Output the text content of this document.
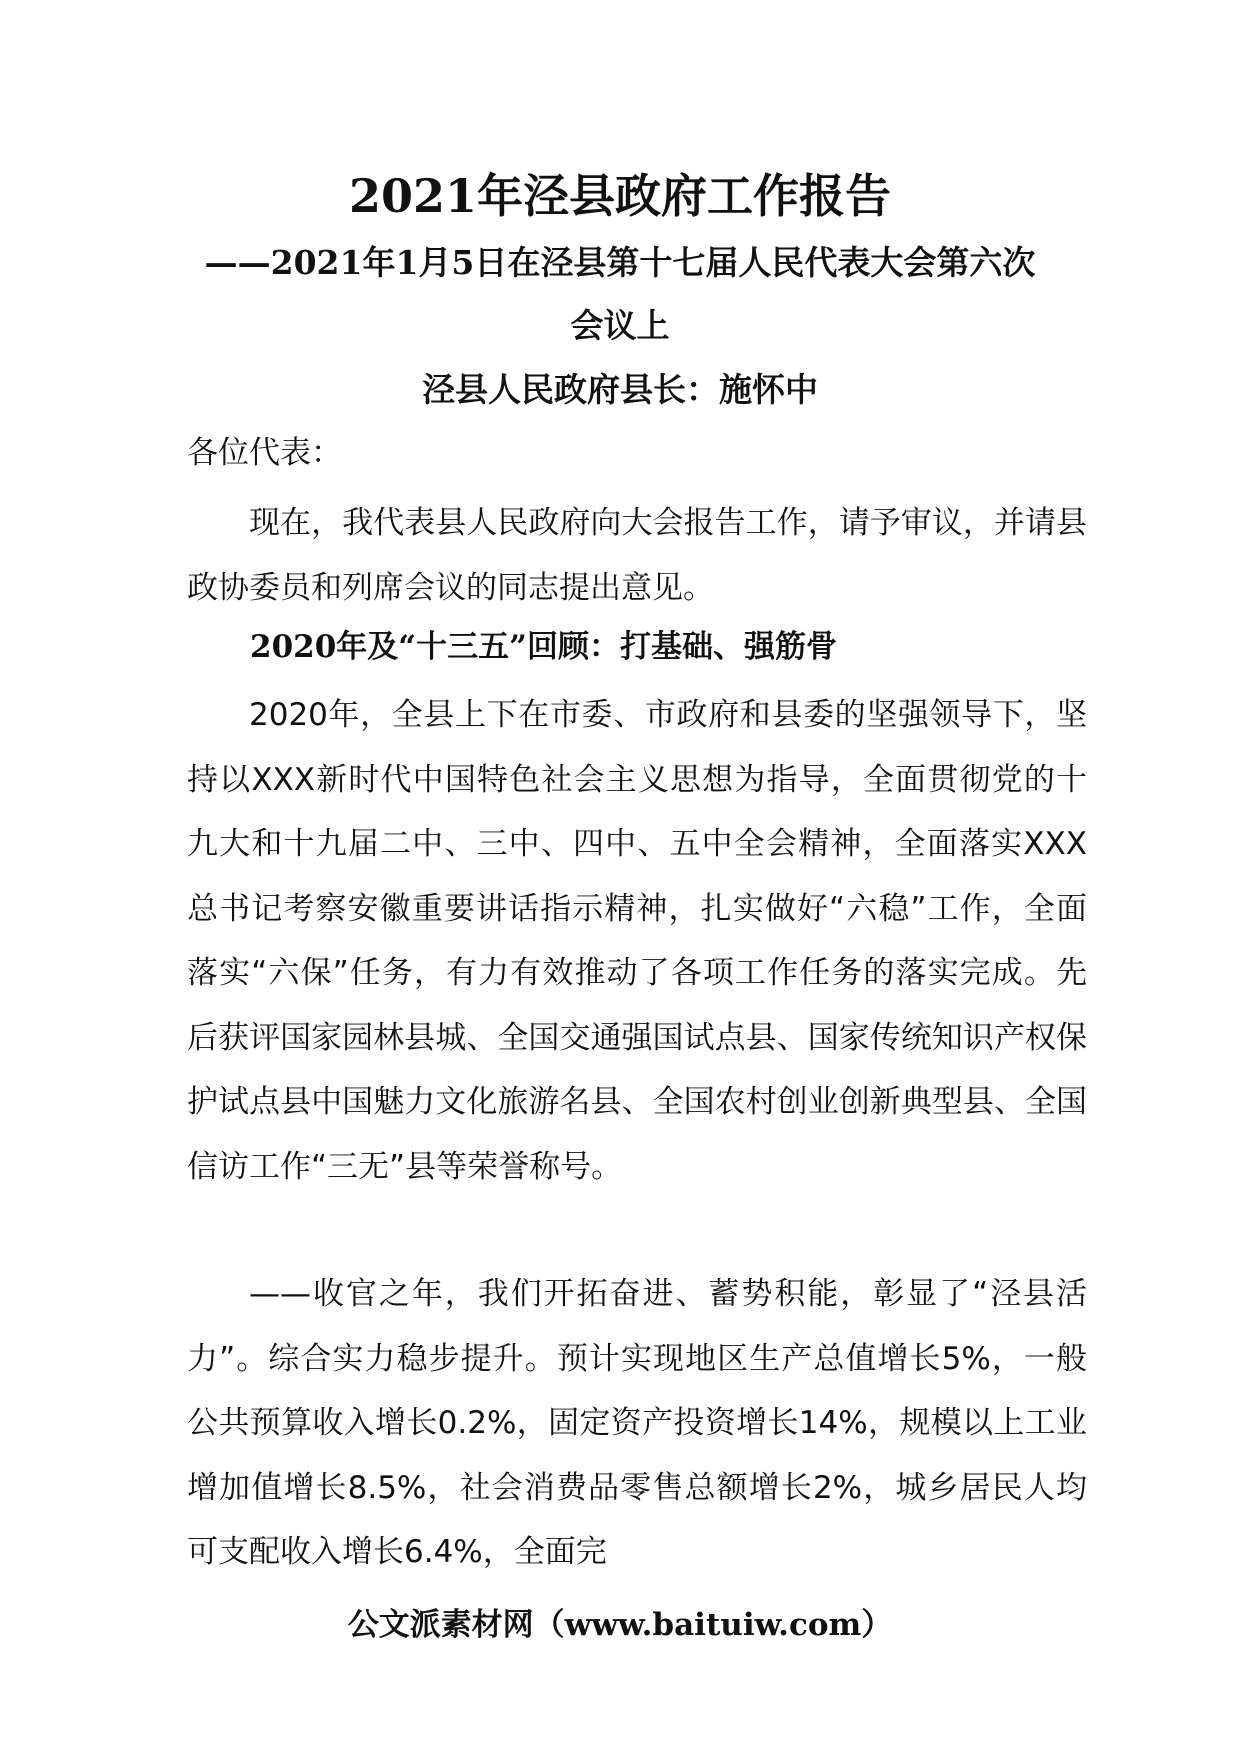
2021年泾县政府工作报告
——2021年1月5日在泾县第十七届人民代表大会第六次
会议上
泾县人民政府县长：施怀中
各位代表：

现在，我代表县人民政府向大会报告工作，请予审议，并请县政协委员和列席会议的同志提出意见。

2020年及“十三五”回顾：打基础、强筋骨

2020年，全县上下在市委、市政府和县委的坚强领导下，坚持以XXX新时代中国特色社会主义思想为指导，全面贯彻党的十九大和十九届二中、三中、四中、五中全会精神，全面落实XXX总书记考察安徽重要讲话指示精神，扎实做好“六稳”工作，全面落实“六保”任务，有力有效推动了各项工作任务的落实完成。先后获评国家园林县城、全国交通强国试点县、国家传统知识产权保护试点县中国魅力文化旅游名县、全国农村创业创新典型县、全国信访工作“三无”县等荣誉称号。

——收官之年，我们开拓奋进、蓄势积能，彰显了“泾县活力”。综合实力稳步提升。预计实现地区生产总值增长5%，一般公共预算收入增长0.2%，固定资产投资增长14%，规模以上工业增加值增长8.5%，社会消费品零售总额增长2%，城乡居民人均可支配收入增长6.4%，全面完

公文派素材网（www.baituiw.com）
